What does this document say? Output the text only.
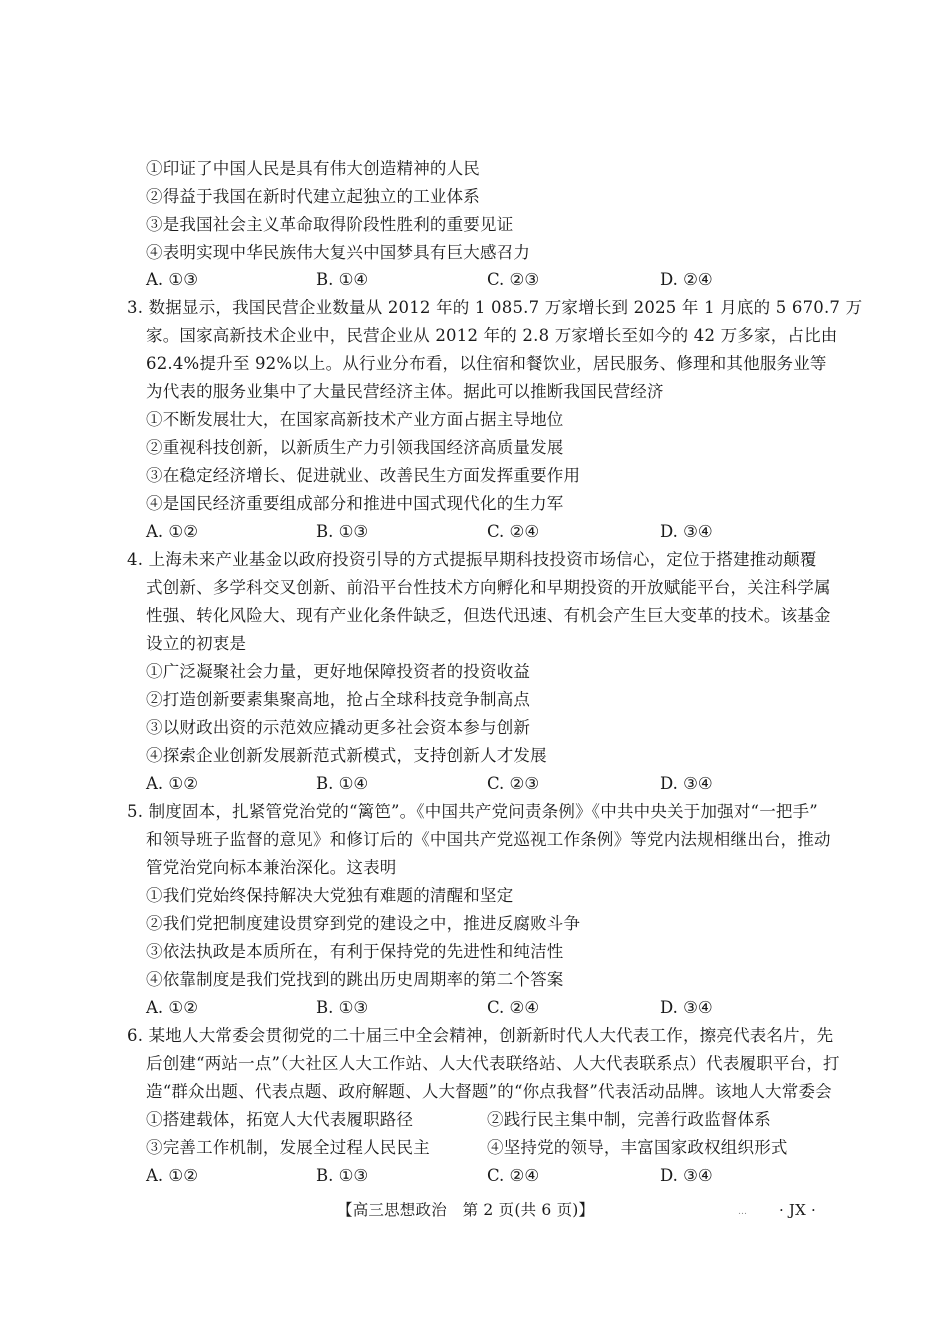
①印证了中国人民是具有伟大创造精神的人民
②得益于我国在新时代建立起独立的工业体系
③是我国社会主义革命取得阶段性胜利的重要见证
④表明实现中华民族伟大复兴中国梦具有巨大感召力
A. ①③	B. ①④	C. ②③	D. ②④
3. 数据显示，我国民营企业数量从 2012 年的 1 085.7 万家增长到 2025 年 1 月底的 5 670.7 万
家。国家高新技术企业中，民营企业从 2012 年的 2.8 万家增长至如今的 42 万多家，占比由
62.4%提升至 92%以上。从行业分布看，以住宿和餐饮业，居民服务、修理和其他服务业等
为代表的服务业集中了大量民营经济主体。据此可以推断我国民营经济
①不断发展壮大，在国家高新技术产业方面占据主导地位
②重视科技创新，以新质生产力引领我国经济高质量发展
③在稳定经济增长、促进就业、改善民生方面发挥重要作用
④是国民经济重要组成部分和推进中国式现代化的生力军
A. ①②	B. ①③	C. ②④	D. ③④
4. 上海未来产业基金以政府投资引导的方式提振早期科技投资市场信心，定位于搭建推动颠覆
式创新、多学科交叉创新、前沿平台性技术方向孵化和早期投资的开放赋能平台，关注科学属
性强、转化风险大、现有产业化条件缺乏，但迭代迅速、有机会产生巨大变革的技术。该基金
设立的初衷是
①广泛凝聚社会力量，更好地保障投资者的投资收益
②打造创新要素集聚高地，抢占全球科技竞争制高点
③以财政出资的示范效应撬动更多社会资本参与创新
④探索企业创新发展新范式新模式，支持创新人才发展
A. ①②	B. ①④	C. ②③	D. ③④
5. 制度固本，扎紧管党治党的“篱笆”。《中国共产党问责条例》《中共中央关于加强对“一把手”
和领导班子监督的意见》和修订后的《中国共产党巡视工作条例》等党内法规相继出台，推动
管党治党向标本兼治深化。这表明
①我们党始终保持解决大党独有难题的清醒和坚定
②我们党把制度建设贯穿到党的建设之中，推进反腐败斗争
③依法执政是本质所在，有利于保持党的先进性和纯洁性
④依靠制度是我们党找到的跳出历史周期率的第二个答案
A. ①②	B. ①③	C. ②④	D. ③④
6. 某地人大常委会贯彻党的二十届三中全会精神，创新新时代人大代表工作，擦亮代表名片，先
后创建“两站一点”（大社区人大工作站、人大代表联络站、人大代表联系点）代表履职平台，打
造“群众出题、代表点题、政府解题、人大督题”的“你点我督”代表活动品牌。该地人大常委会
①搭建载体，拓宽人大代表履职路径	②践行民主集中制，完善行政监督体系
③完善工作机制，发展全过程人民民主	④坚持党的领导，丰富国家政权组织形式
A. ①②	B. ①③	C. ②④	D. ③④
【高三思想政治　第 2 页(共 6 页)】	… · JX ·
